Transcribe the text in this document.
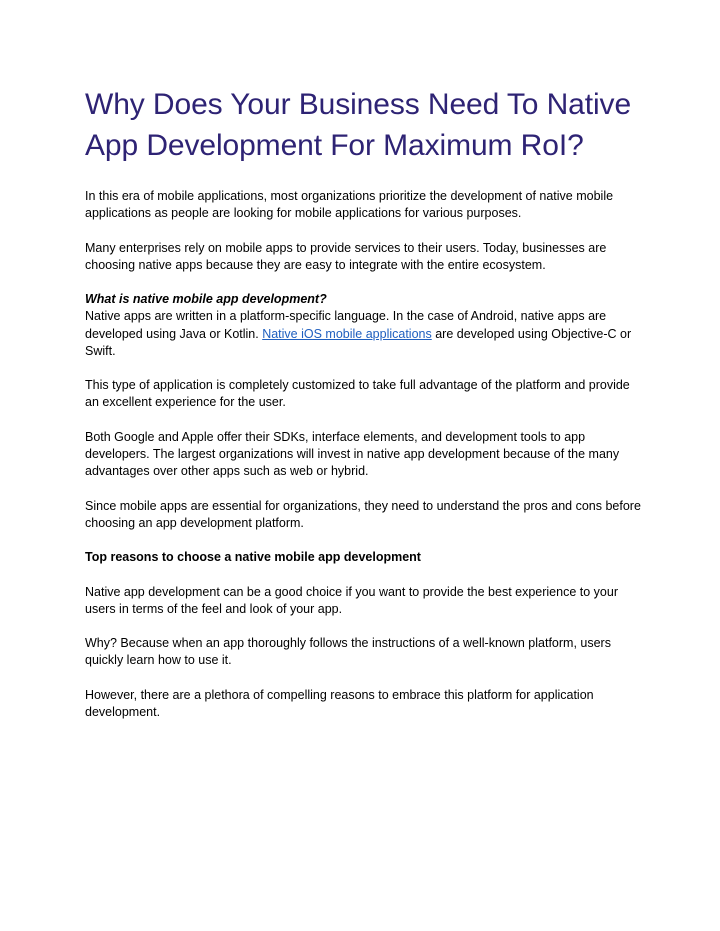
Why Does Your Business Need To Native App Development For Maximum RoI?

In this era of mobile applications, most organizations prioritize the development of native mobile applications as people are looking for mobile applications for various purposes.

Many enterprises rely on mobile apps to provide services to their users. Today, businesses are choosing native apps because they are easy to integrate with the entire ecosystem.

What is native mobile app development?
Native apps are written in a platform-specific language. In the case of Android, native apps are developed using Java or Kotlin. Native iOS mobile applications are developed using Objective-C or Swift.

This type of application is completely customized to take full advantage of the platform and provide an excellent experience for the user.

Both Google and Apple offer their SDKs, interface elements, and development tools to app developers. The largest organizations will invest in native app development because of the many advantages over other apps such as web or hybrid.

Since mobile apps are essential for organizations, they need to understand the pros and cons before choosing an app development platform.

Top reasons to choose a native mobile app development

Native app development can be a good choice if you want to provide the best experience to your users in terms of the feel and look of your app.

Why? Because when an app thoroughly follows the instructions of a well-known platform, users quickly learn how to use it.

However, there are a plethora of compelling reasons to embrace this platform for application development.
